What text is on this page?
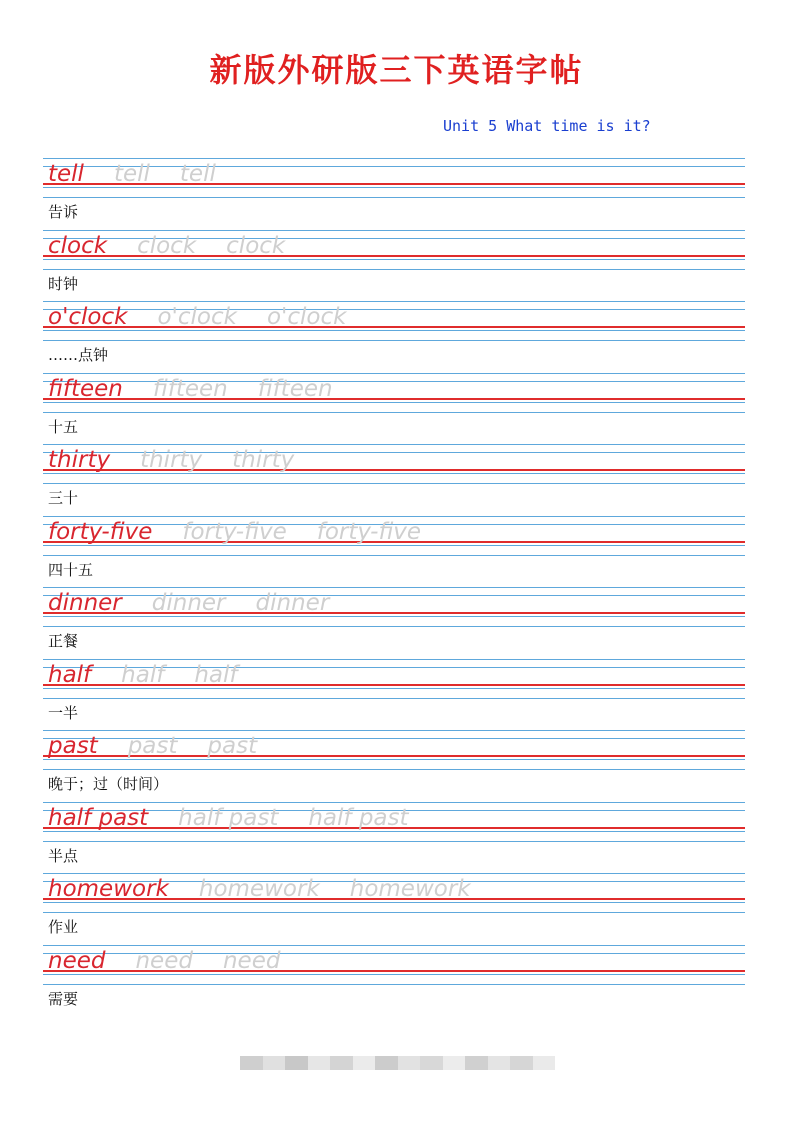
新版外研版三下英语字帖
Unit 5 What time is it?
tell tell tell
告诉
clock clock clock
时钟
o'clock o'clock o'clock
……点钟
fifteen fifteen fifteen
十五
thirty thirty thirty
三十
forty-five forty-five forty-five
四十五
dinner dinner dinner
正餐
half half half
一半
past past past
晚于；过（时间）
half past half past half past
半点
homework homework homework
作业
need need need
需要
